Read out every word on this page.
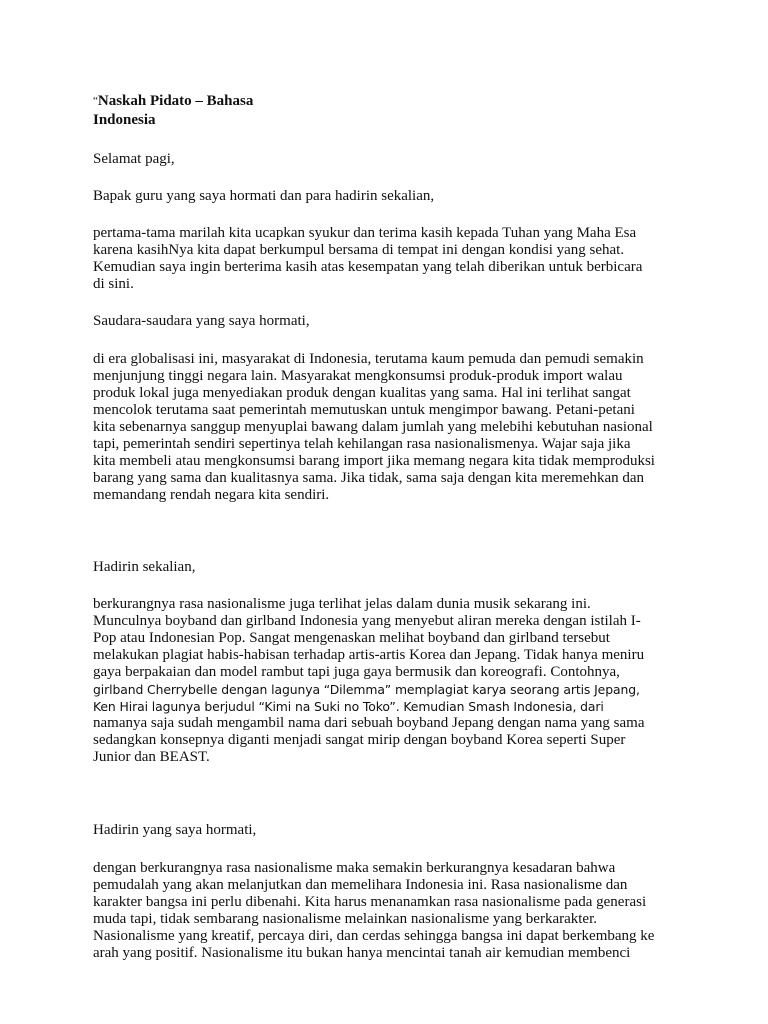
“Naskah Pidato – Bahasa
Indonesia

Selamat pagi,

Bapak guru yang saya hormati dan para hadirin sekalian,

pertama-tama marilah kita ucapkan syukur dan terima kasih kepada Tuhan yang Maha Esa
karena kasihNya kita dapat berkumpul bersama di tempat ini dengan kondisi yang sehat.
Kemudian saya ingin berterima kasih atas kesempatan yang telah diberikan untuk berbicara
di sini.

Saudara-saudara yang saya hormati,

di era globalisasi ini, masyarakat di Indonesia, terutama kaum pemuda dan pemudi semakin
menjunjung tinggi negara lain. Masyarakat mengkonsumsi produk-produk import walau
produk lokal juga menyediakan produk dengan kualitas yang sama. Hal ini terlihat sangat
mencolok terutama saat pemerintah memutuskan untuk mengimpor bawang. Petani-petani
kita sebenarnya sanggup menyuplai bawang dalam jumlah yang melebihi kebutuhan nasional
tapi, pemerintah sendiri sepertinya telah kehilangan rasa nasionalismenya. Wajar saja jika
kita membeli atau mengkonsumsi barang import jika memang negara kita tidak memproduksi
barang yang sama dan kualitasnya sama. Jika tidak, sama saja dengan kita meremehkan dan
memandang rendah negara kita sendiri.

Hadirin sekalian,

berkurangnya rasa nasionalisme juga terlihat jelas dalam dunia musik sekarang ini.
Munculnya boyband dan girlband Indonesia yang menyebut aliran mereka dengan istilah I-
Pop atau Indonesian Pop. Sangat mengenaskan melihat boyband dan girlband tersebut
melakukan plagiat habis-habisan terhadap artis-artis Korea dan Jepang. Tidak hanya meniru
gaya berpakaian dan model rambut tapi juga gaya bermusik dan koreografi. Contohnya,
girlband Cherrybelle dengan lagunya “Dilemma” memplagiat karya seorang artis Jepang,
Ken Hirai lagunya berjudul “Kimi na Suki no Toko”. Kemudian Smash Indonesia, dari
namanya saja sudah mengambil nama dari sebuah boyband Jepang dengan nama yang sama
sedangkan konsepnya diganti menjadi sangat mirip dengan boyband Korea seperti Super
Junior dan BEAST.

Hadirin yang saya hormati,

dengan berkurangnya rasa nasionalisme maka semakin berkurangnya kesadaran bahwa
pemudalah yang akan melanjutkan dan memelihara Indonesia ini. Rasa nasionalisme dan
karakter bangsa ini perlu dibenahi. Kita harus menanamkan rasa nasionalisme pada generasi
muda tapi, tidak sembarang nasionalisme melainkan nasionalisme yang berkarakter.
Nasionalisme yang kreatif, percaya diri, dan cerdas sehingga bangsa ini dapat berkembang ke
arah yang positif. Nasionalisme itu bukan hanya mencintai tanah air kemudian membenci
